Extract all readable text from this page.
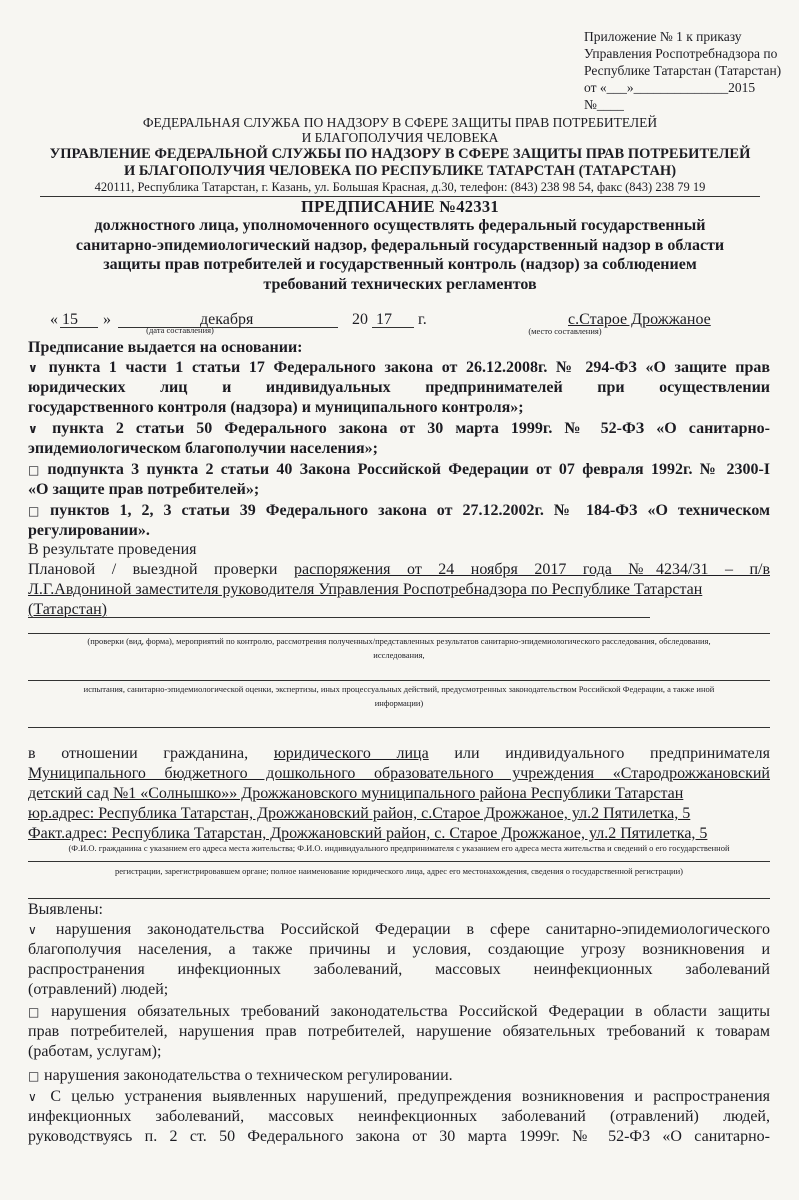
Приложение № 1 к приказу
Управления Роспотребнадзора по
Республике Татарстан (Татарстан)
от «___»______________2015
№____
ФЕДЕРАЛЬНАЯ СЛУЖБА ПО НАДЗОРУ В СФЕРЕ ЗАЩИТЫ ПРАВ ПОТРЕБИТЕЛЕЙ
И БЛАГОПОЛУЧИЯ ЧЕЛОВЕКА
УПРАВЛЕНИЕ ФЕДЕРАЛЬНОЙ СЛУЖБЫ ПО НАДЗОРУ В СФЕРЕ ЗАЩИТЫ ПРАВ ПОТРЕБИТЕЛЕЙ
И БЛАГОПОЛУЧИЯ ЧЕЛОВЕКА ПО РЕСПУБЛИКЕ ТАТАРСТАН (ТАТАРСТАН)
420111, Республика Татарстан, г. Казань, ул. Большая Красная, д.30, телефон: (843) 238 98 54, факс (843) 238 79 19
ПРЕДПИСАНИЕ №42331
должностного лица, уполномоченного осуществлять федеральный государственный
санитарно-эпидемиологический надзор, федеральный государственный надзор в области
защиты прав потребителей и государственный контроль (надзор) за соблюдением
требований технических регламентов
« 15 »	декабря	20 17 г.	с.Старое Дрожжаное
(дата составления)	(место составления)
Предписание выдается на основании:
∨ пункта 1 части 1 статьи 17 Федерального закона от 26.12.2008г. № 294-ФЗ «О защите прав
юридических лиц и индивидуальных предпринимателей при осуществлении
государственного контроля (надзора) и муниципального контроля»;
∨ пункта 2 статьи 50 Федерального закона от 30 марта 1999г. № 52-ФЗ «О санитарно-
эпидемиологическом благополучии населения»;
□ подпункта 3 пункта 2 статьи 40 Закона Российской Федерации от 07 февраля 1992г. № 2300-I
«О защите прав потребителей»;
□ пунктов 1, 2, 3 статьи 39 Федерального закона от 27.12.2002г. № 184-ФЗ «О техническом
регулировании».
В результате проведения
Плановой / выездной проверки распоряжения от 24 ноября 2017 года №4234/31 – п/в
Л.Г.Авдониной заместителя руководителя Управления Роспотребнадзора по Республике Татарстан
(Татарстан)
(проверки (вид, форма), мероприятий по контролю, рассмотрения полученных/представленных результатов санитарно-эпидемиологического расследования, обследования,
исследования,
испытания, санитарно-эпидемиологической оценки, экспертизы, иных процессуальных действий, предусмотренных законодательством Российской Федерации, а также иной
информации)
в отношении гражданина, юридического лица или индивидуального предпринимателя
Муниципального бюджетного дошкольного образовательного учреждения «Стародрожжановский
детский сад №1 «Солнышко»» Дрожжановского муниципального района Республики Татарстан
юр.адрес: Республика Татарстан, Дрожжановский район, с.Старое Дрожжаное, ул.2 Пятилетка, 5
Факт.адрес: Республика Татарстан, Дрожжановский район, с. Старое Дрожжаное, ул.2 Пятилетка, 5
(Ф.И.О. гражданина с указанием его адреса места жительства; Ф.И.О. индивидуального предпринимателя с указанием его адреса места жительства и сведений о его государственной
регистрации, зарегистрировавшем органе; полное наименование юридического лица, адрес его местонахождения, сведения о государственной регистрации)
Выявлены:
∨ нарушения законодательства Российской Федерации в сфере санитарно-эпидемиологического
благополучия населения, а также причины и условия, создающие угрозу возникновения и
распространения инфекционных заболеваний, массовых неинфекционных заболеваний
(отравлений) людей;
□ нарушения обязательных требований законодательства Российской Федерации в области защиты
прав потребителей, нарушения прав потребителей, нарушение обязательных требований к товарам
(работам, услугам);
□ нарушения законодательства о техническом регулировании.
∨ С целью устранения выявленных нарушений, предупреждения возникновения и распространения
инфекционных заболеваний, массовых неинфекционных заболеваний (отравлений) людей,
руководствуясь п. 2 ст. 50 Федерального закона от 30 марта 1999г. № 52-ФЗ «О санитарно-
